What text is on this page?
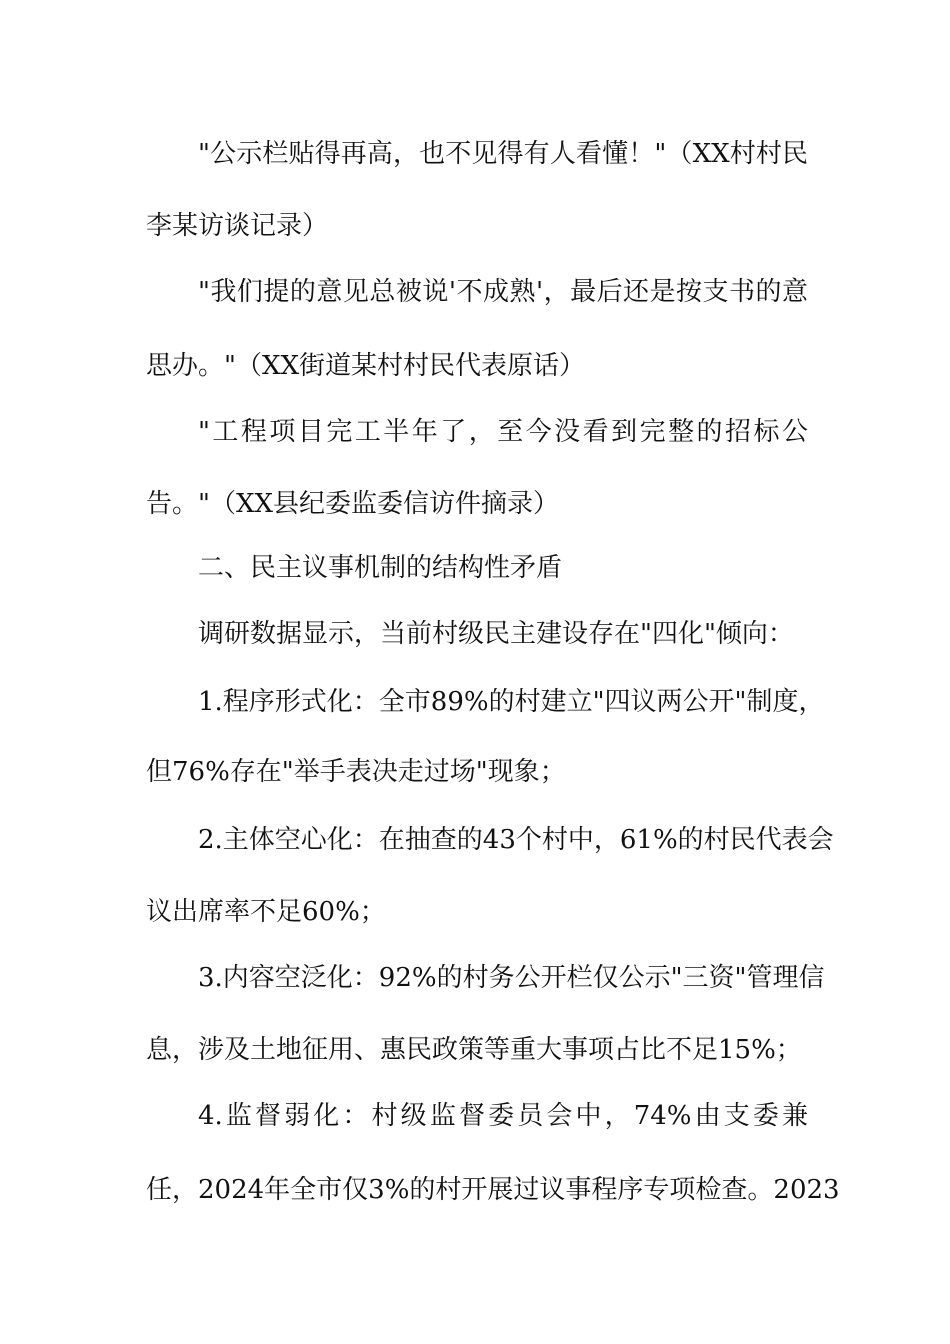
"公示栏贴得再高，也不见得有人看懂！"（XX村村民
李某访谈记录）
"我们提的意见总被说'不成熟'，最后还是按支书的意
思办。"（XX街道某村村民代表原话）
"工程项目完工半年了，至今没看到完整的招标公
告。"（XX县纪委监委信访件摘录）
二、民主议事机制的结构性矛盾
调研数据显示，当前村级民主建设存在"四化"倾向：
1.程序形式化：全市89%的村建立"四议两公开"制度，
但76%存在"举手表决走过场"现象；
2.主体空心化：在抽查的43个村中，61%的村民代表会
议出席率不足60%；
3.内容空泛化：92%的村务公开栏仅公示"三资"管理信
息，涉及土地征用、惠民政策等重大事项占比不足15%；
4.监督弱化：村级监督委员会中，74%由支委兼
任，2024年全市仅3%的村开展过议事程序专项检查。2023
